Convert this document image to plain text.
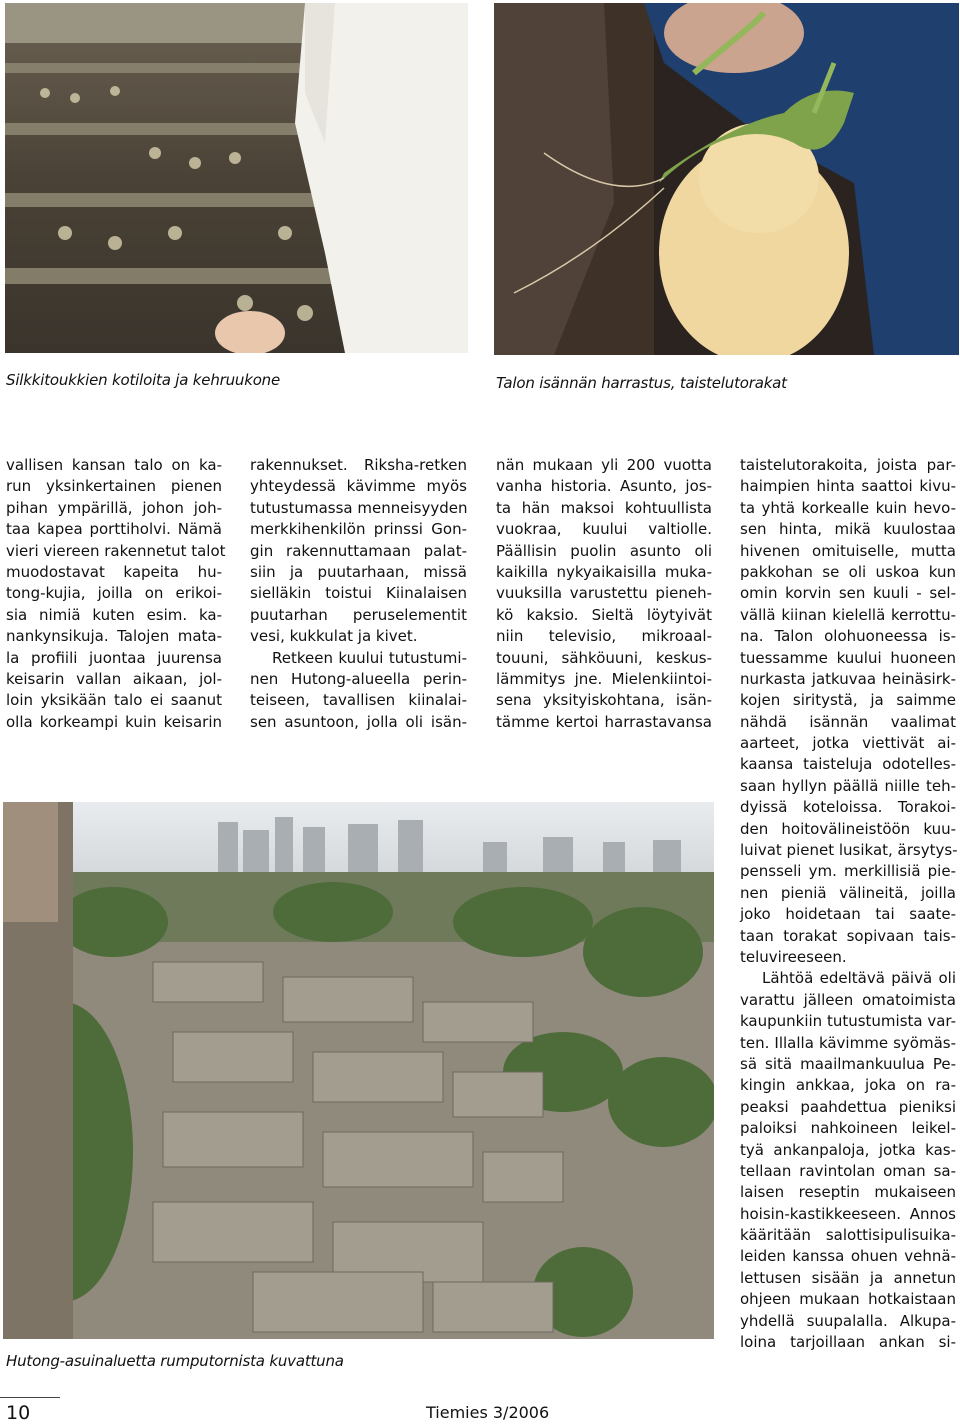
Silkkitoukkien kotiloita ja kehruukone	Talon isännän harrastus, taistelutorakat
Hutong-asuinaluetta rumputornista kuvattuna
vallisen kansan talo on ka-
run yksinkertainen pienen
pihan ympärillä, johon joh-
taa kapea porttiholvi. Nämä
vieri viereen rakennetut talot
muodostavat kapeita hu-
tong-kujia, joilla on erikoi-
sia nimiä kuten esim. ka-
nankynsikuja. Talojen mata-
la profiili juontaa juurensa
keisarin vallan aikaan, jol-
loin yksikään talo ei saanut
olla korkeampi kuin keisarin
rakennukset. Riksha-retken
yhteydessä kävimme myös
tutustumassa menneisyyden
merkkihenkilön prinssi Gon-
gin rakennuttamaan palat-
siin ja puutarhaan, missä
sielläkin toistui Kiinalaisen
puutarhan peruselementit
vesi, kukkulat ja kivet.
Retkeen kuului tutustumi-
nen Hutong-alueella perin-
teiseen, tavallisen kiinalai-
sen asuntoon, jolla oli isän-
nän mukaan yli 200 vuotta
vanha historia. Asunto, jos-
ta hän maksoi kohtuullista
vuokraa, kuului valtiolle.
Päällisin puolin asunto oli
kaikilla nykyaikaisilla muka-
vuuksilla varustettu pieneh-
kö kaksio. Sieltä löytyivät
niin televisio, mikroaal-
touuni, sähköuuni, keskus-
lämmitys jne. Mielenkiintoi-
sena yksityiskohtana, isän-
tämme kertoi harrastavansa
taistelutorakoita, joista par-
haimpien hinta saattoi kivu-
ta yhtä korkealle kuin hevo-
sen hinta, mikä kuulostaa
hivenen omituiselle, mutta
pakkohan se oli uskoa kun
omin korvin sen kuuli - sel-
vällä kiinan kielellä kerrottu-
na. Talon olohuoneessa is-
tuessamme kuului huoneen
nurkasta jatkuvaa heinäsirk-
kojen siritystä, ja saimme
nähdä isännän vaalimat
aarteet, jotka viettivät ai-
kaansa taisteluja odotelles-
saan hyllyn päällä niille teh-
dyissä koteloissa. Torakoi-
den hoitovälineistöön kuu-
luivat pienet lusikat, ärsytys-
pensseli ym. merkillisiä pie-
nen pieniä välineitä, joilla
joko hoidetaan tai saate-
taan torakat sopivaan tais-
teluvireeseen.
Lähtöä edeltävä päivä oli
varattu jälleen omatoimista
kaupunkiin tutustumista var-
ten. Illalla kävimme syömäs-
sä sitä maailmankuulua Pe-
kingin ankkaa, joka on ra-
peaksi paahdettua pieniksi
paloiksi nahkoineen leikel-
tyä ankanpaloja, jotka kas-
tellaan ravintolan oman sa-
laisen reseptin mukaiseen
hoisin-kastikkeeseen. Annos
kääritään salottisipulisuika-
leiden kanssa ohuen vehnä-
lettusen sisään ja annetun
ohjeen mukaan hotkaistaan
yhdellä suupalalla. Alkupa-
loina tarjoillaan ankan si-
10	Tiemies 3/2006
